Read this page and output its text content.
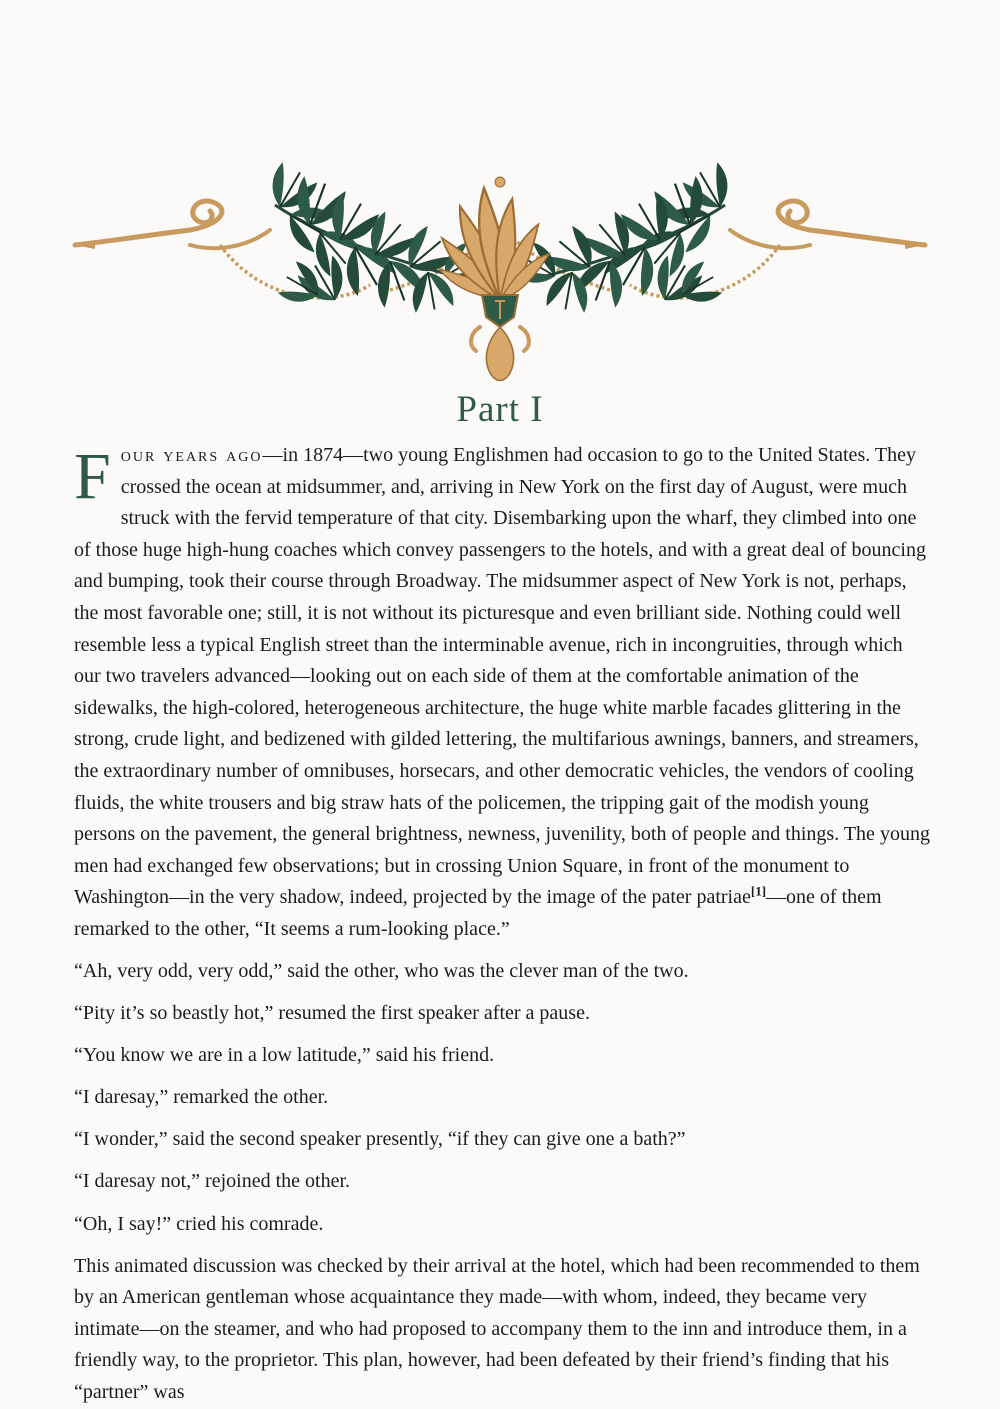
Part I

F our years ago—in 1874—two young Englishmen had occasion to go to the United States. They crossed the ocean at midsummer, and, arriving in New York on the first day of August, were much struck with the fervid temperature of that city. Disembarking upon the wharf, they climbed into one of those huge high-hung coaches which convey passengers to the hotels, and with a great deal of bouncing and bumping, took their course through Broadway. The midsummer aspect of New York is not, perhaps, the most favorable one; still, it is not without its picturesque and even brilliant side. Nothing could well resemble less a typical English street than the interminable avenue, rich in incongruities, through which our two travelers advanced—looking out on each side of them at the comfortable animation of the sidewalks, the high-colored, heterogeneous architecture, the huge white marble facades glittering in the strong, crude light, and bedizened with gilded lettering, the multifarious awnings, banners, and streamers, the extraordinary number of omnibuses, horsecars, and other democratic vehicles, the vendors of cooling fluids, the white trousers and big straw hats of the policemen, the tripping gait of the modish young persons on the pavement, the general brightness, newness, juvenility, both of people and things. The young men had exchanged few observations; but in crossing Union Square, in front of the monument to Washington—in the very shadow, indeed, projected by the image of the pater patriae[1]—one of them remarked to the other, “It seems a rum-looking place.”

“Ah, very odd, very odd,” said the other, who was the clever man of the two.

“Pity it’s so beastly hot,” resumed the first speaker after a pause.

“You know we are in a low latitude,” said his friend.

“I daresay,” remarked the other.

“I wonder,” said the second speaker presently, “if they can give one a bath?”

“I daresay not,” rejoined the other.

“Oh, I say!” cried his comrade.

This animated discussion was checked by their arrival at the hotel, which had been recommended to them by an American gentleman whose acquaintance they made—with whom, indeed, they became very intimate—on the steamer, and who had proposed to accompany them to the inn and introduce them, in a friendly way, to the proprietor. This plan, however, had been defeated by their friend’s finding that his “partner” was
